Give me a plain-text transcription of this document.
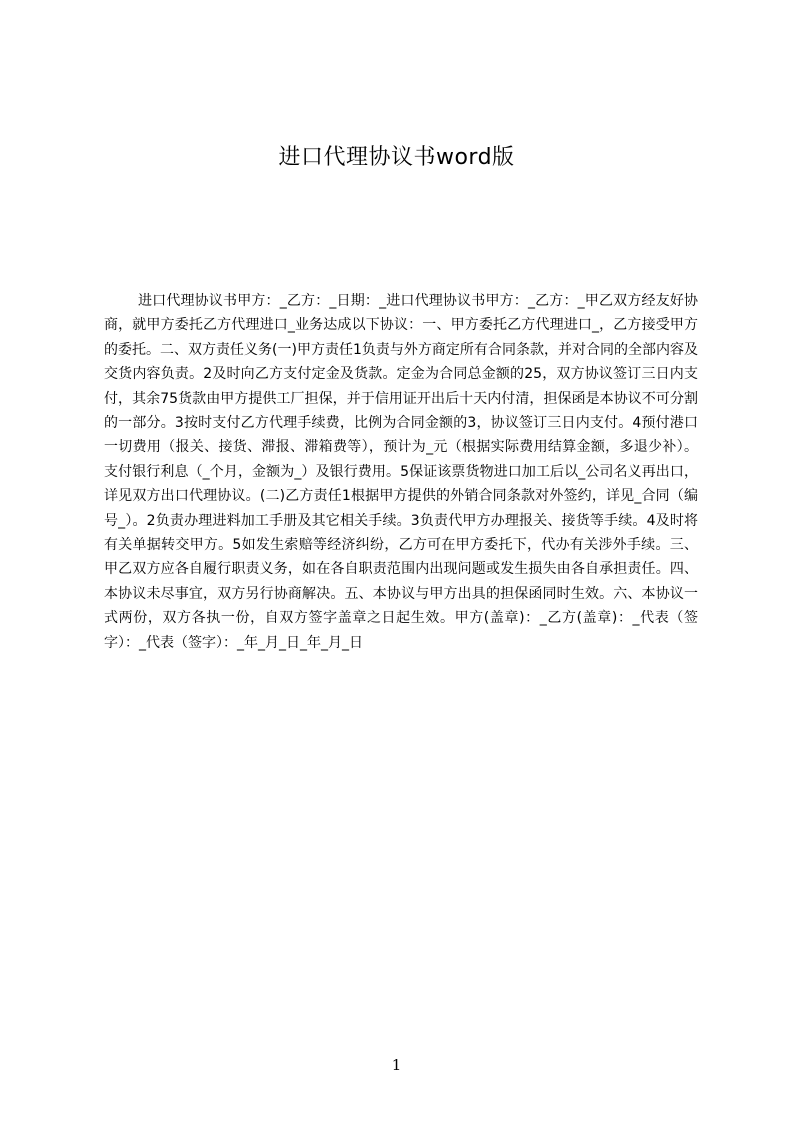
进口代理协议书word版
进口代理协议书甲方：_乙方：_日期：_进口代理协议书甲方：_乙方：_甲乙双方经友好协商，就甲方委托乙方代理进口_业务达成以下协议：一、甲方委托乙方代理进口_，乙方接受甲方的委托。二、双方责任义务(一)甲方责任1负责与外方商定所有合同条款，并对合同的全部内容及交货内容负责。2及时向乙方支付定金及货款。定金为合同总金额的25，双方协议签订三日内支付，其余75货款由甲方提供工厂担保，并于信用证开出后十天内付清，担保函是本协议不可分割的一部分。3按时支付乙方代理手续费，比例为合同金额的3，协议签订三日内支付。4预付港口一切费用（报关、接货、滞报、滞箱费等），预计为_元（根据实际费用结算金额，多退少补）。支付银行利息（_个月，金额为_）及银行费用。5保证该票货物进口加工后以_公司名义再出口，详见双方出口代理协议。(二)乙方责任1根据甲方提供的外销合同条款对外签约，详见_合同（编号_）。2负责办理进料加工手册及其它相关手续。3负责代甲方办理报关、接货等手续。4及时将有关单据转交甲方。5如发生索赔等经济纠纷，乙方可在甲方委托下，代办有关涉外手续。三、甲乙双方应各自履行职责义务，如在各自职责范围内出现问题或发生损失由各自承担责任。四、本协议未尽事宜，双方另行协商解决。五、本协议与甲方出具的担保函同时生效。六、本协议一式两份，双方各执一份，自双方签字盖章之日起生效。甲方(盖章)：_乙方(盖章)：_代表（签字）：_代表（签字）：_年_月_日_年_月_日
1
